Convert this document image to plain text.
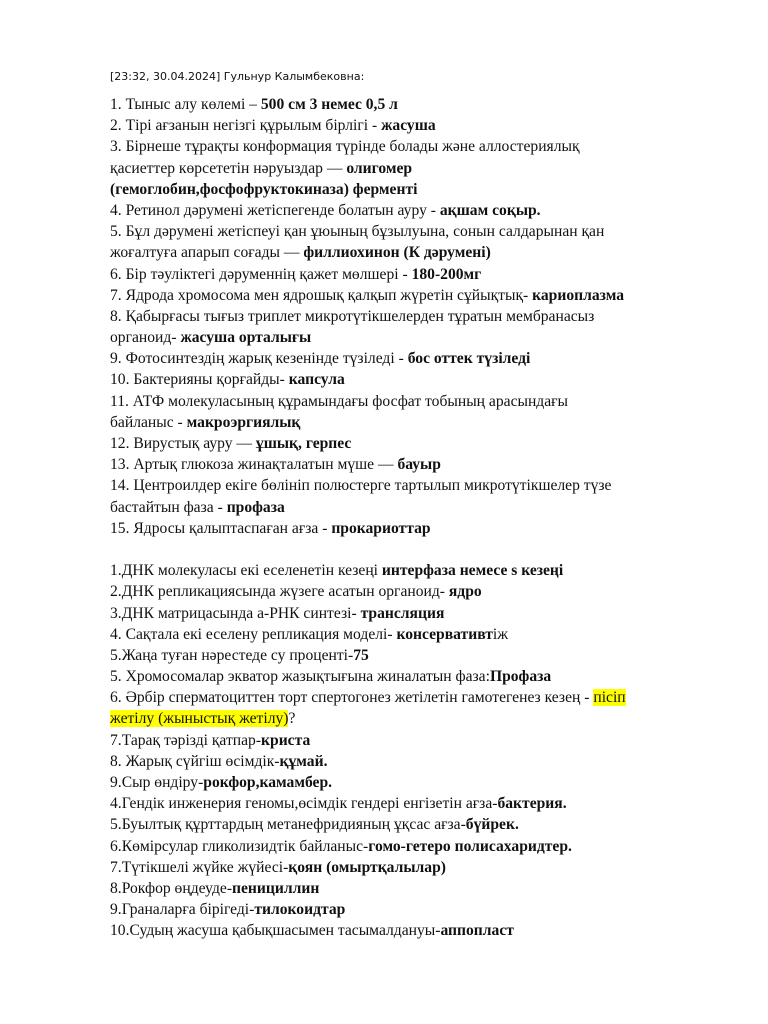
[23:32, 30.04.2024] Гульнур Калымбековна:
1. Тыныс алу көлемі – 500 см 3 немес 0,5 л
2. Тірі ағзанын негізгі құрылым бірлігі - жасуша
3. Бірнеше тұрақты конформация түрінде болады және аллостериялық
қасиеттер көрсететін нәруыздар — олигомер
(гемоглобин,фосфофруктокиназа) ферменті
4. Ретинол дәрумені жетіспегенде болатын ауру - ақшам соқыр.
5. Бұл дәрумені жетіспеуі қан ұюының бұзылуына, сонын салдарынан қан
жоғалтуға апарып соғады — филлиохинон (К дәрумені)
6. Бір тәуліктегі дәруменнің қажет мөлшері - 180-200мг
7. Ядрода хромосома мен ядрошық қалқып жүретін сұйықтық- кариоплазма
8. Қабырғасы тығыз триплет микротүтікшелерден тұратын мембранасыз
органоид- жасуша орталығы
9. Фотосинтездің жарық кезенінде түзіледі - бос оттек түзіледі
10. Бактерияны қорғайды- капсула
11. АТФ молекуласының құрамындағы фосфат тобының арасындағы
байланыс - макроэргиялық
12. Вирустық ауру — ұшық, герпес
13. Артық глюкоза жинақталатын мүше — бауыр
14. Центроилдер екіге бөлініп полюстерге тартылып микротүтікшелер түзе
бастайтын фаза - профаза
15. Ядросы қалыптаспаған ағза - прокариоттар
1.ДНК молекуласы екі еселенетін кезеңі интерфаза немесе s кезеңі
2.ДНК репликациясында жүзеге асатын органоид- ядро
3.ДНК матрицасында а-РНК синтезі- трансляция
4. Сақтала екі еселену репликация моделі- консервативтіж
5.Жаңа туған нәрестеде су проценті-75
5. Хромосомалар экватор жазықтығына жиналатын фаза:Профаза
6. Әрбір сперматоциттен торт спертогонез жетілетін гамотегенез кезең - пісіп
жетілу (жыныстық жетілу)?
7.Тарақ тәрізді қатпар-криста
8. Жарық сүйгіш өсімдік-құмай.
9.Сыр өндіру-рокфор,камамбер.
4.Гендік инженерия геномы,өсімдік гендері енгізетін ағза-бактерия.
5.Буылтық құрттардың метанефридияның ұқсас ағза-бүйрек.
6.Көмірсулар гликолизидтік байланыс-гомо-гетеро полисахаридтер.
7.Түтікшелі жүйке жүйесі-қоян (омыртқалылар)
8.Рокфор өңдеуде-пенициллин
9.Граналарға бірігеді-тилокоидтар
10.Судың жасуша қабықшасымен тасымалдануы-аппопласт
